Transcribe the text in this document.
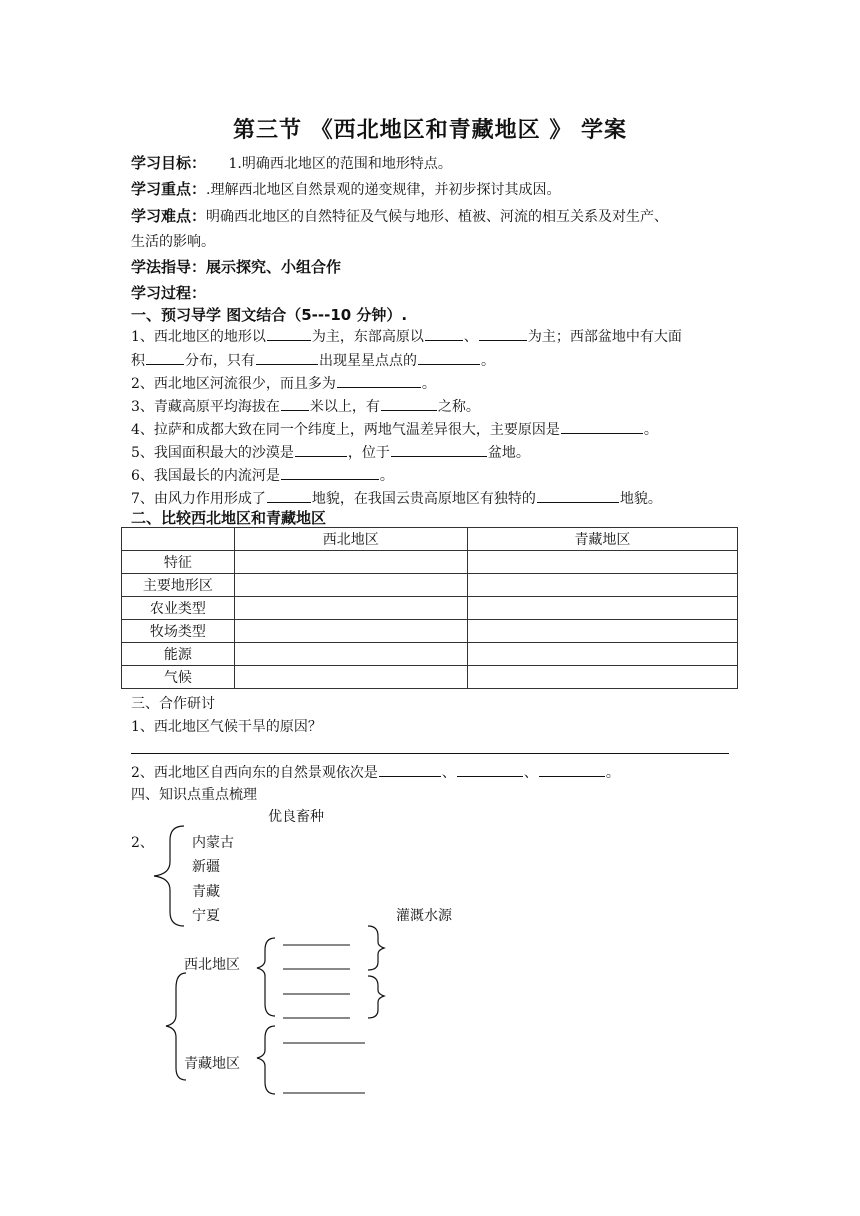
第三节 《西北地区和青藏地区 》 学案
学习目标： 1.明确西北地区的范围和地形特点。
学习重点：.理解西北地区自然景观的递变规律，并初步探讨其成因。
学习难点：明确西北地区的自然特征及气候与地形、植被、河流的相互关系及对生产、
生活的影响。
学法指导：展示探究、小组合作
学习过程：
一、预习导学 图文结合（5---10 分钟）.
1、西北地区的地形以	为主，东部高原以	、	为主；西部盆地中有大面
积	分布，只有	出现星星点点的	。
2、西北地区河流很少，而且多为	。
3、青藏高原平均海拔在 米以上，有	之称。
4、拉萨和成都大致在同一个纬度上，两地气温差异很大，主要原因是	。
5、我国面积最大的沙漠是	，位于	盆地。
6、我国最长的内流河是	。
7、由风力作用形成了	地貌，在我国云贵高原地区有独特的	地貌。
二、比较西北地区和青藏地区
	西北地区	青藏地区
特征		
主要地形区		
农业类型		
牧场类型		
能源		
气候		
三、合作研讨
1、西北地区气候干旱的原因？
2、西北地区自西向东的自然景观依次是	、	、	。
四、知识点重点梳理
优良畜种
2、	内蒙古
新疆
青藏
宁夏	灌溉水源
西北地区
青藏地区
